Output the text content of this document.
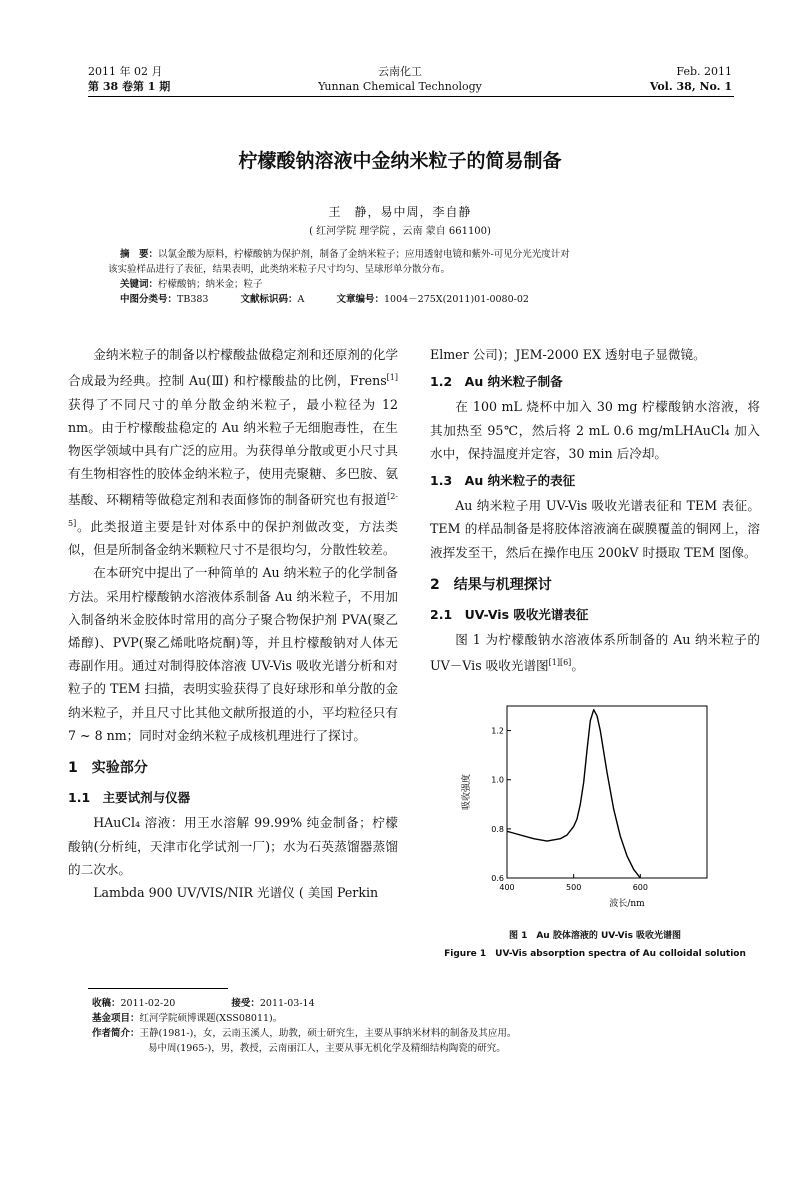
2011 年 02 月
第 38 卷第 1 期
云南化工
Yunnan Chemical Technology
Feb. 2011
Vol. 38, No. 1
柠檬酸钠溶液中金纳米粒子的简易制备
王　静，易中周，李自静
( 红河学院 理学院 ，云南 蒙自 661100)
摘　要：以氯金酸为原料，柠檬酸钠为保护剂，制备了金纳米粒子；应用透射电镜和紫外-可见分光光度计对
该实验样品进行了表征，结果表明，此类纳米粒子尺寸均匀、呈球形单分散分布。
关键词：柠檬酸钠；纳米金；粒子
中图分类号：TB383	文献标识码：A	文章编号：1004－275X(2011)01-0080-02

金纳米粒子的制备以柠檬酸盐做稳定剂和还原剂的化学合成最为经典。控制 Au(Ⅲ) 和柠檬酸盐的比例，Frens[1]获得了不同尺寸的单分散金纳米粒子，最小粒径为 12 nm。由于柠檬酸盐稳定的 Au 纳米粒子无细胞毒性，在生物医学领域中具有广泛的应用。为获得单分散或更小尺寸具有生物相容性的胶体金纳米粒子，使用壳聚糖、多巴胺、氨基酸、环糊精等做稳定剂和表面修饰的制备研究也有报道[2-5]。此类报道主要是针对体系中的保护剂做改变，方法类似，但是所制备金纳米颗粒尺寸不是很均匀，分散性较差。

在本研究中提出了一种简单的 Au 纳米粒子的化学制备方法。采用柠檬酸钠水溶液体系制备 Au 纳米粒子，不用加入制备纳米金胶体时常用的高分子聚合物保护剂 PVA(聚乙烯醇)、PVP(聚乙烯吡咯烷酮)等，并且柠檬酸钠对人体无毒副作用。通过对制得胶体溶液 UV-Vis 吸收光谱分析和对粒子的 TEM 扫描，表明实验获得了良好球形和单分散的金纳米粒子，并且尺寸比其他文献所报道的小，平均粒径只有 7 ~ 8 nm；同时对金纳米粒子成核机理进行了探讨。

1　实验部分
1.1　主要试剂与仪器

HAuCl₄ 溶液：用王水溶解 99.99% 纯金制备；柠檬酸钠(分析纯，天津市化学试剂一厂)；水为石英蒸馏器蒸馏的二次水。

Lambda 900 UV/VIS/NIR 光谱仪 ( 美国 Perkin

Elmer 公司)；JEM-2000 EX 透射电子显微镜。
1.2　Au 纳米粒子制备

在 100 mL 烧杯中加入 30 mg 柠檬酸钠水溶液，将其加热至 95℃，然后将 2 mL 0.6 mg/mLHAuCl₄ 加入水中，保持温度并定容，30 min 后冷却。

1.3　Au 纳米粒子的表征

Au 纳米粒子用 UV-Vis 吸收光谱表征和 TEM 表征。TEM 的样品制备是将胶体溶液滴在碳膜覆盖的铜网上，溶液挥发至干，然后在操作电压 200kV 时摄取 TEM 图像。

2　结果与机理探讨
2.1　UV-Vis 吸收光谱表征

图 1 为柠檬酸钠水溶液体系所制备的 Au 纳米粒子的 UV－Vis 吸收光谱图[1][6]。

400	500	600
0.6
0.8
1.0
1.2
波长/nm
吸收强度
图 1　Au 胶体溶液的 UV-Vis 吸收光谱图
Figure 1　UV-Vis absorption spectra of Au colloidal solution
收稿：2011-02-20	接受：2011-03-14
基金项目：红河学院硕博课题(XSS08011)。
作者简介：王静(1981-)，女，云南玉溪人，助教，硕士研究生，主要从事纳米材料的制备及其应用。
易中周(1965-)，男，教授，云南丽江人，主要从事无机化学及精细结构陶瓷的研究。
